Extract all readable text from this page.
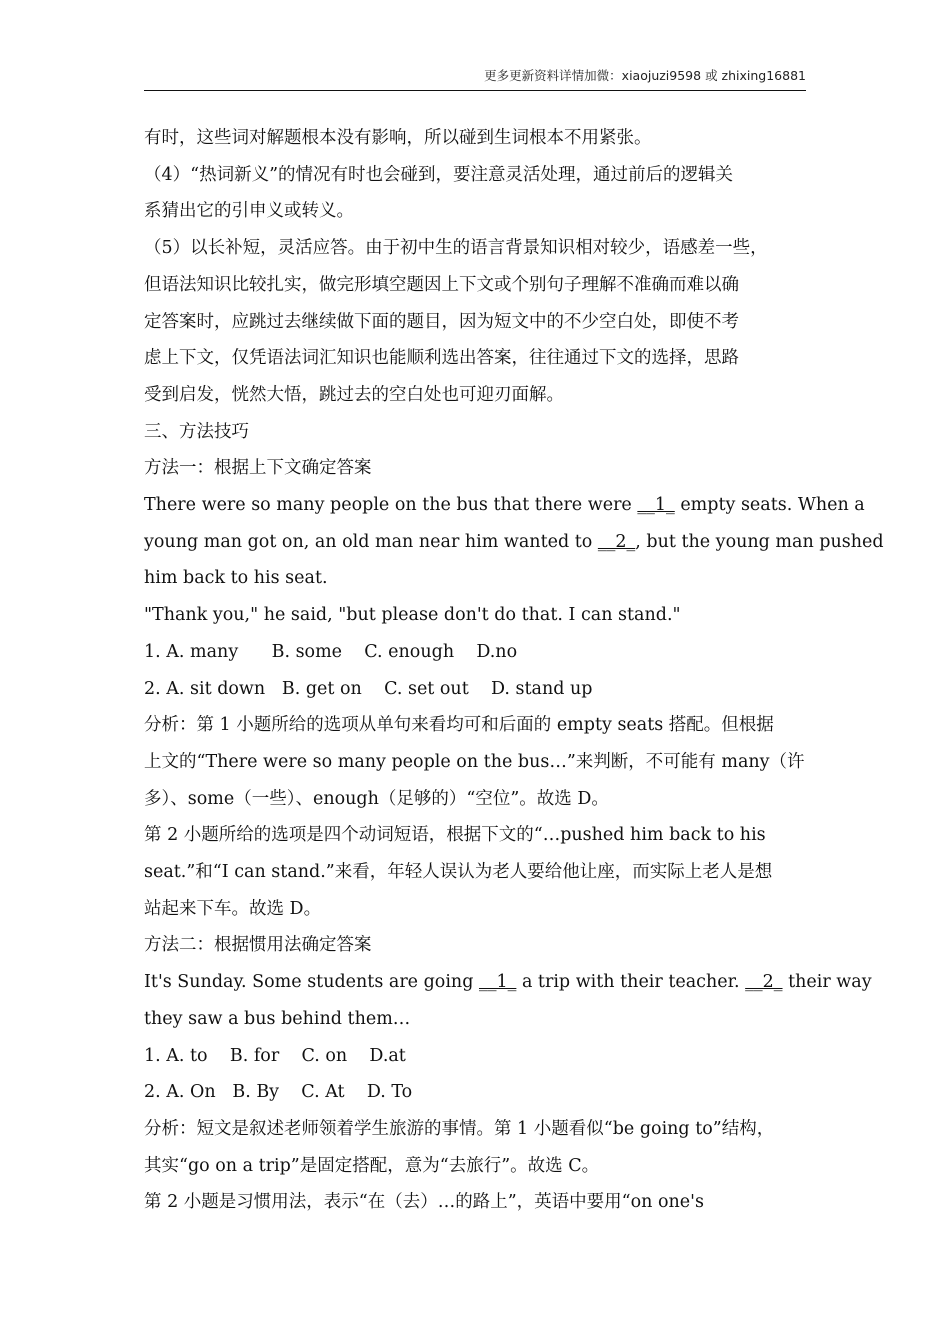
更多更新资料详情加微：xiaojuzi9598 或 zhixing16881
有时，这些词对解题根本没有影响，所以碰到生词根本不用紧张。
（4）“热词新义”的情况有时也会碰到，要注意灵活处理，通过前后的逻辑关
系猜出它的引申义或转义。
（5）以长补短，灵活应答。由于初中生的语言背景知识相对较少，语感差一些，
但语法知识比较扎实，做完形填空题因上下文或个别句子理解不准确而难以确
定答案时，应跳过去继续做下面的题目，因为短文中的不少空白处，即使不考
虑上下文，仅凭语法词汇知识也能顺利选出答案，往往通过下文的选择，思路
受到启发，恍然大悟，跳过去的空白处也可迎刃面解。
三、方法技巧
方法一：根据上下文确定答案
There were so many people on the bus that there were __1_ empty seats. When a
young man got on, an old man near him wanted to __2_, but the young man pushed
him back to his seat.
"Thank you," he said, "but please don't do that. I can stand."
1. A. many      B. some    C. enough    D.no
2. A. sit down   B. get on    C. set out    D. stand up
分析：第 1 小题所给的选项从单句来看均可和后面的 empty seats 搭配。但根据
上文的“There were so many people on the bus…”来判断，不可能有 many（许
多）、some（一些）、enough（足够的）“空位”。故选 D。
第 2 小题所给的选项是四个动词短语，根据下文的“…pushed him back to his
seat.”和“I can stand.”来看，年轻人误认为老人要给他让座，而实际上老人是想
站起来下车。故选 D。
方法二：根据惯用法确定答案
It's Sunday. Some students are going __1_ a trip with their teacher. __2_ their way
they saw a bus behind them…
1. A. to    B. for    C. on    D.at
2. A. On   B. By    C. At    D. To
分析：短文是叙述老师领着学生旅游的事情。第 1 小题看似“be going to”结构，
其实“go on a trip”是固定搭配，意为“去旅行”。故选 C。
第 2 小题是习惯用法，表示“在（去）…的路上”，英语中要用“on one's
